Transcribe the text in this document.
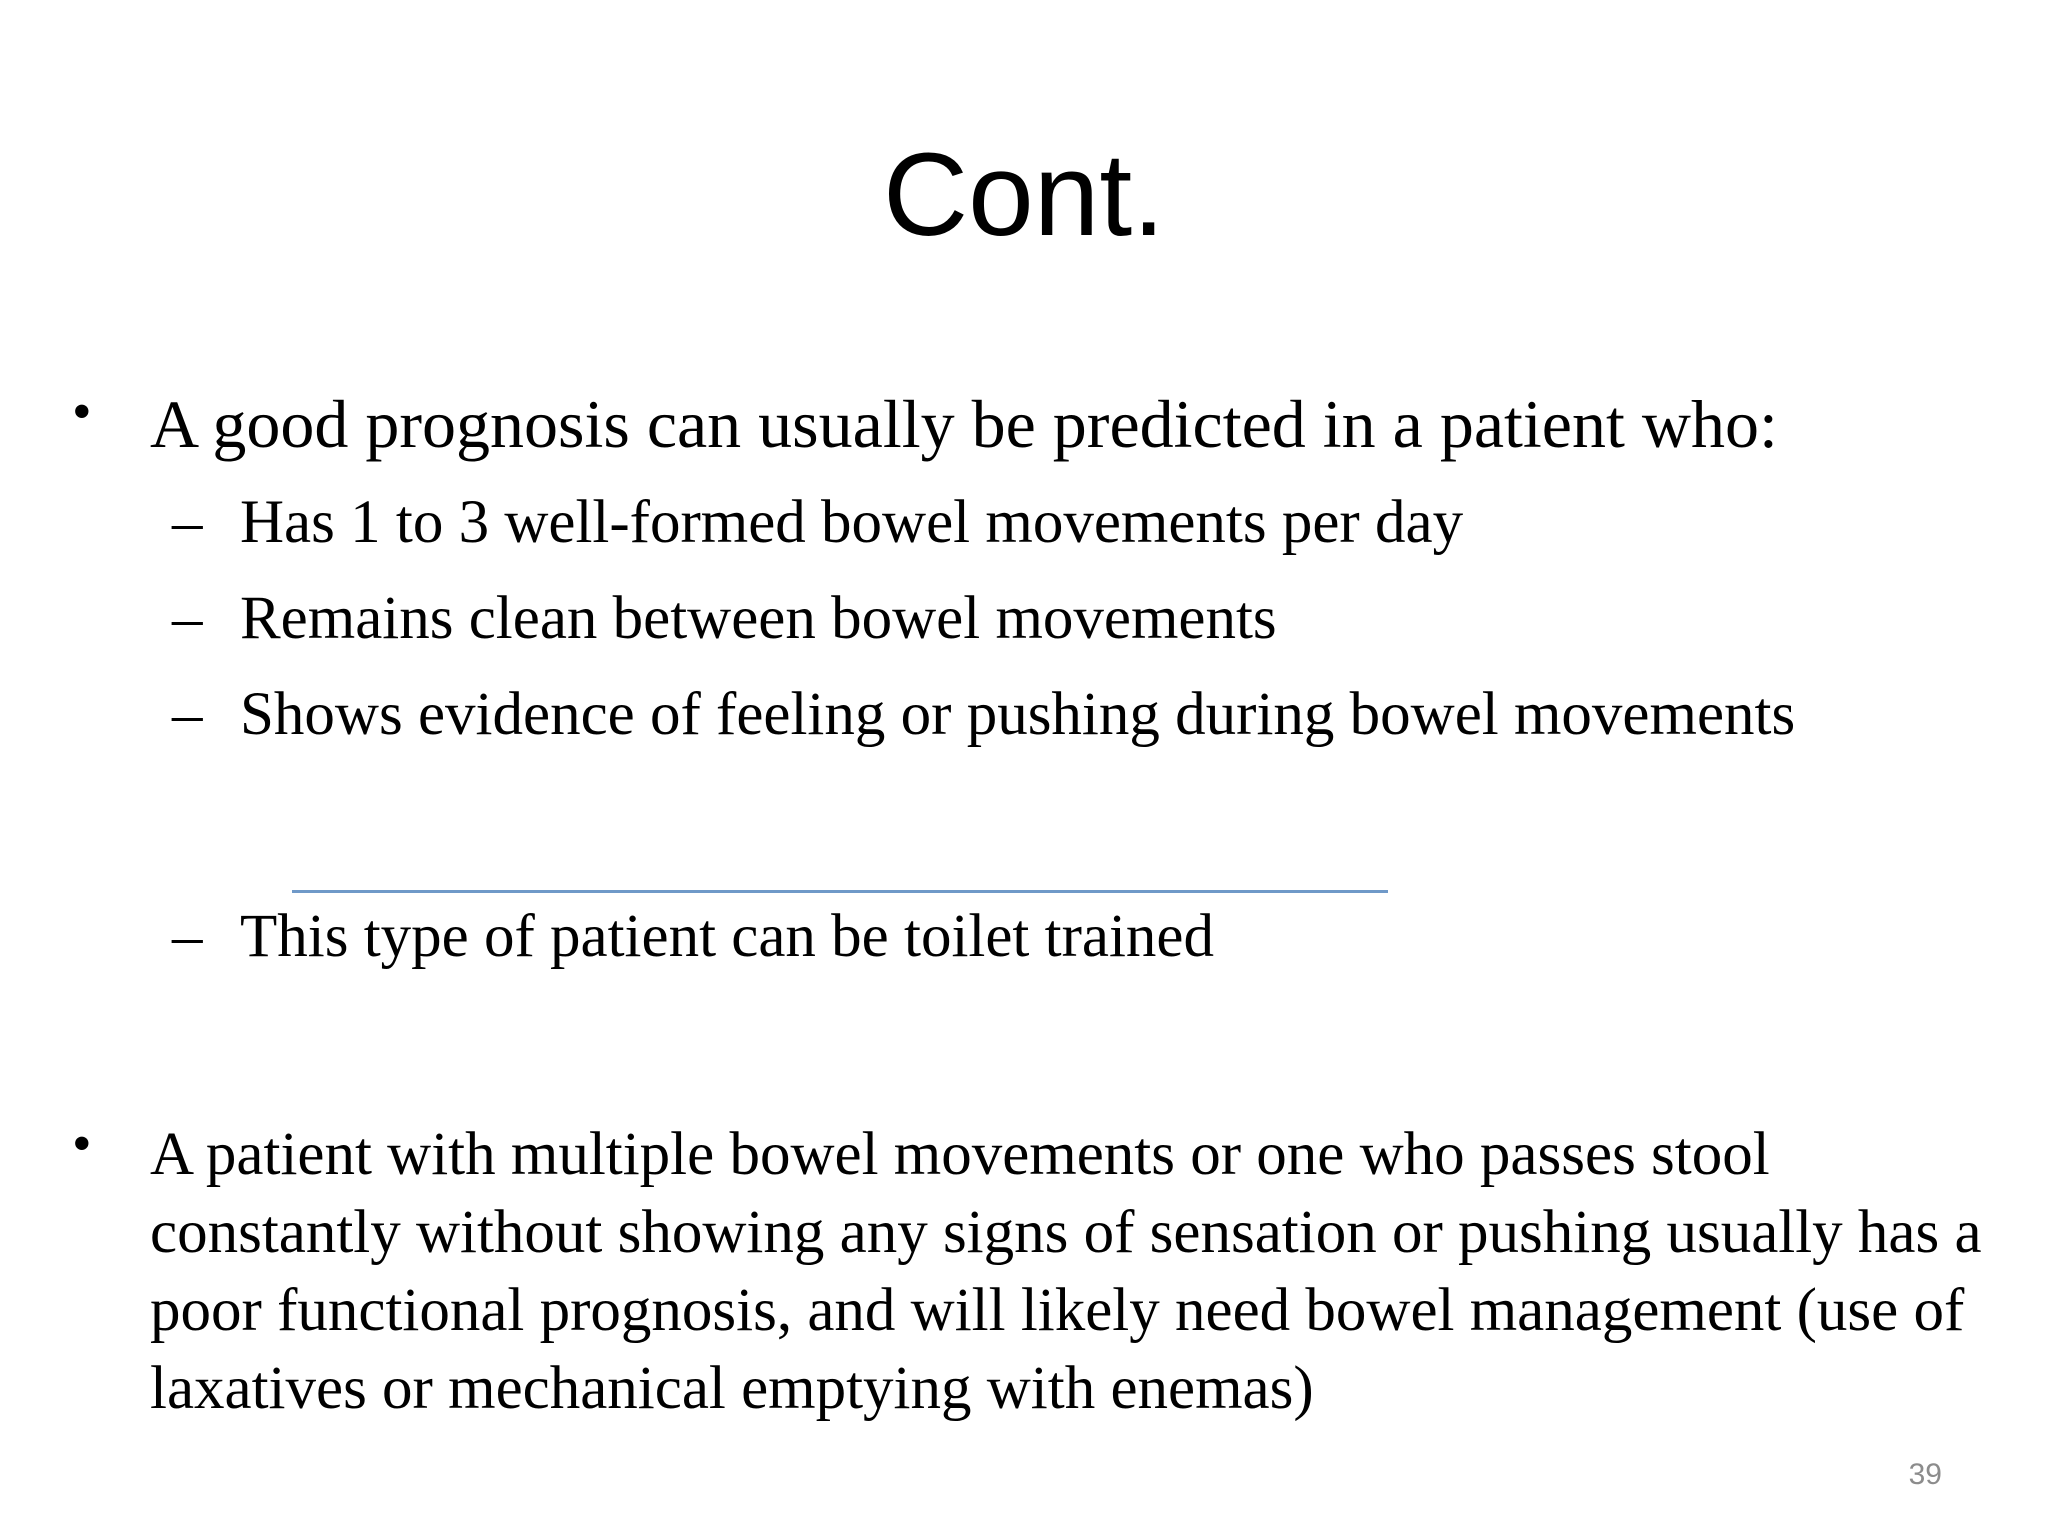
Cont.
• A good prognosis can usually be predicted in a patient who:
– Has 1 to 3 well-formed bowel movements per day
– Remains clean between bowel movements
– Shows evidence of feeling or pushing during bowel movements
– This type of patient can be toilet trained
• A patient with multiple bowel movements or one who passes stool constantly without showing any signs of sensation or pushing usually has a poor functional prognosis, and will likely need bowel management (use of laxatives or mechanical emptying with enemas)
39
